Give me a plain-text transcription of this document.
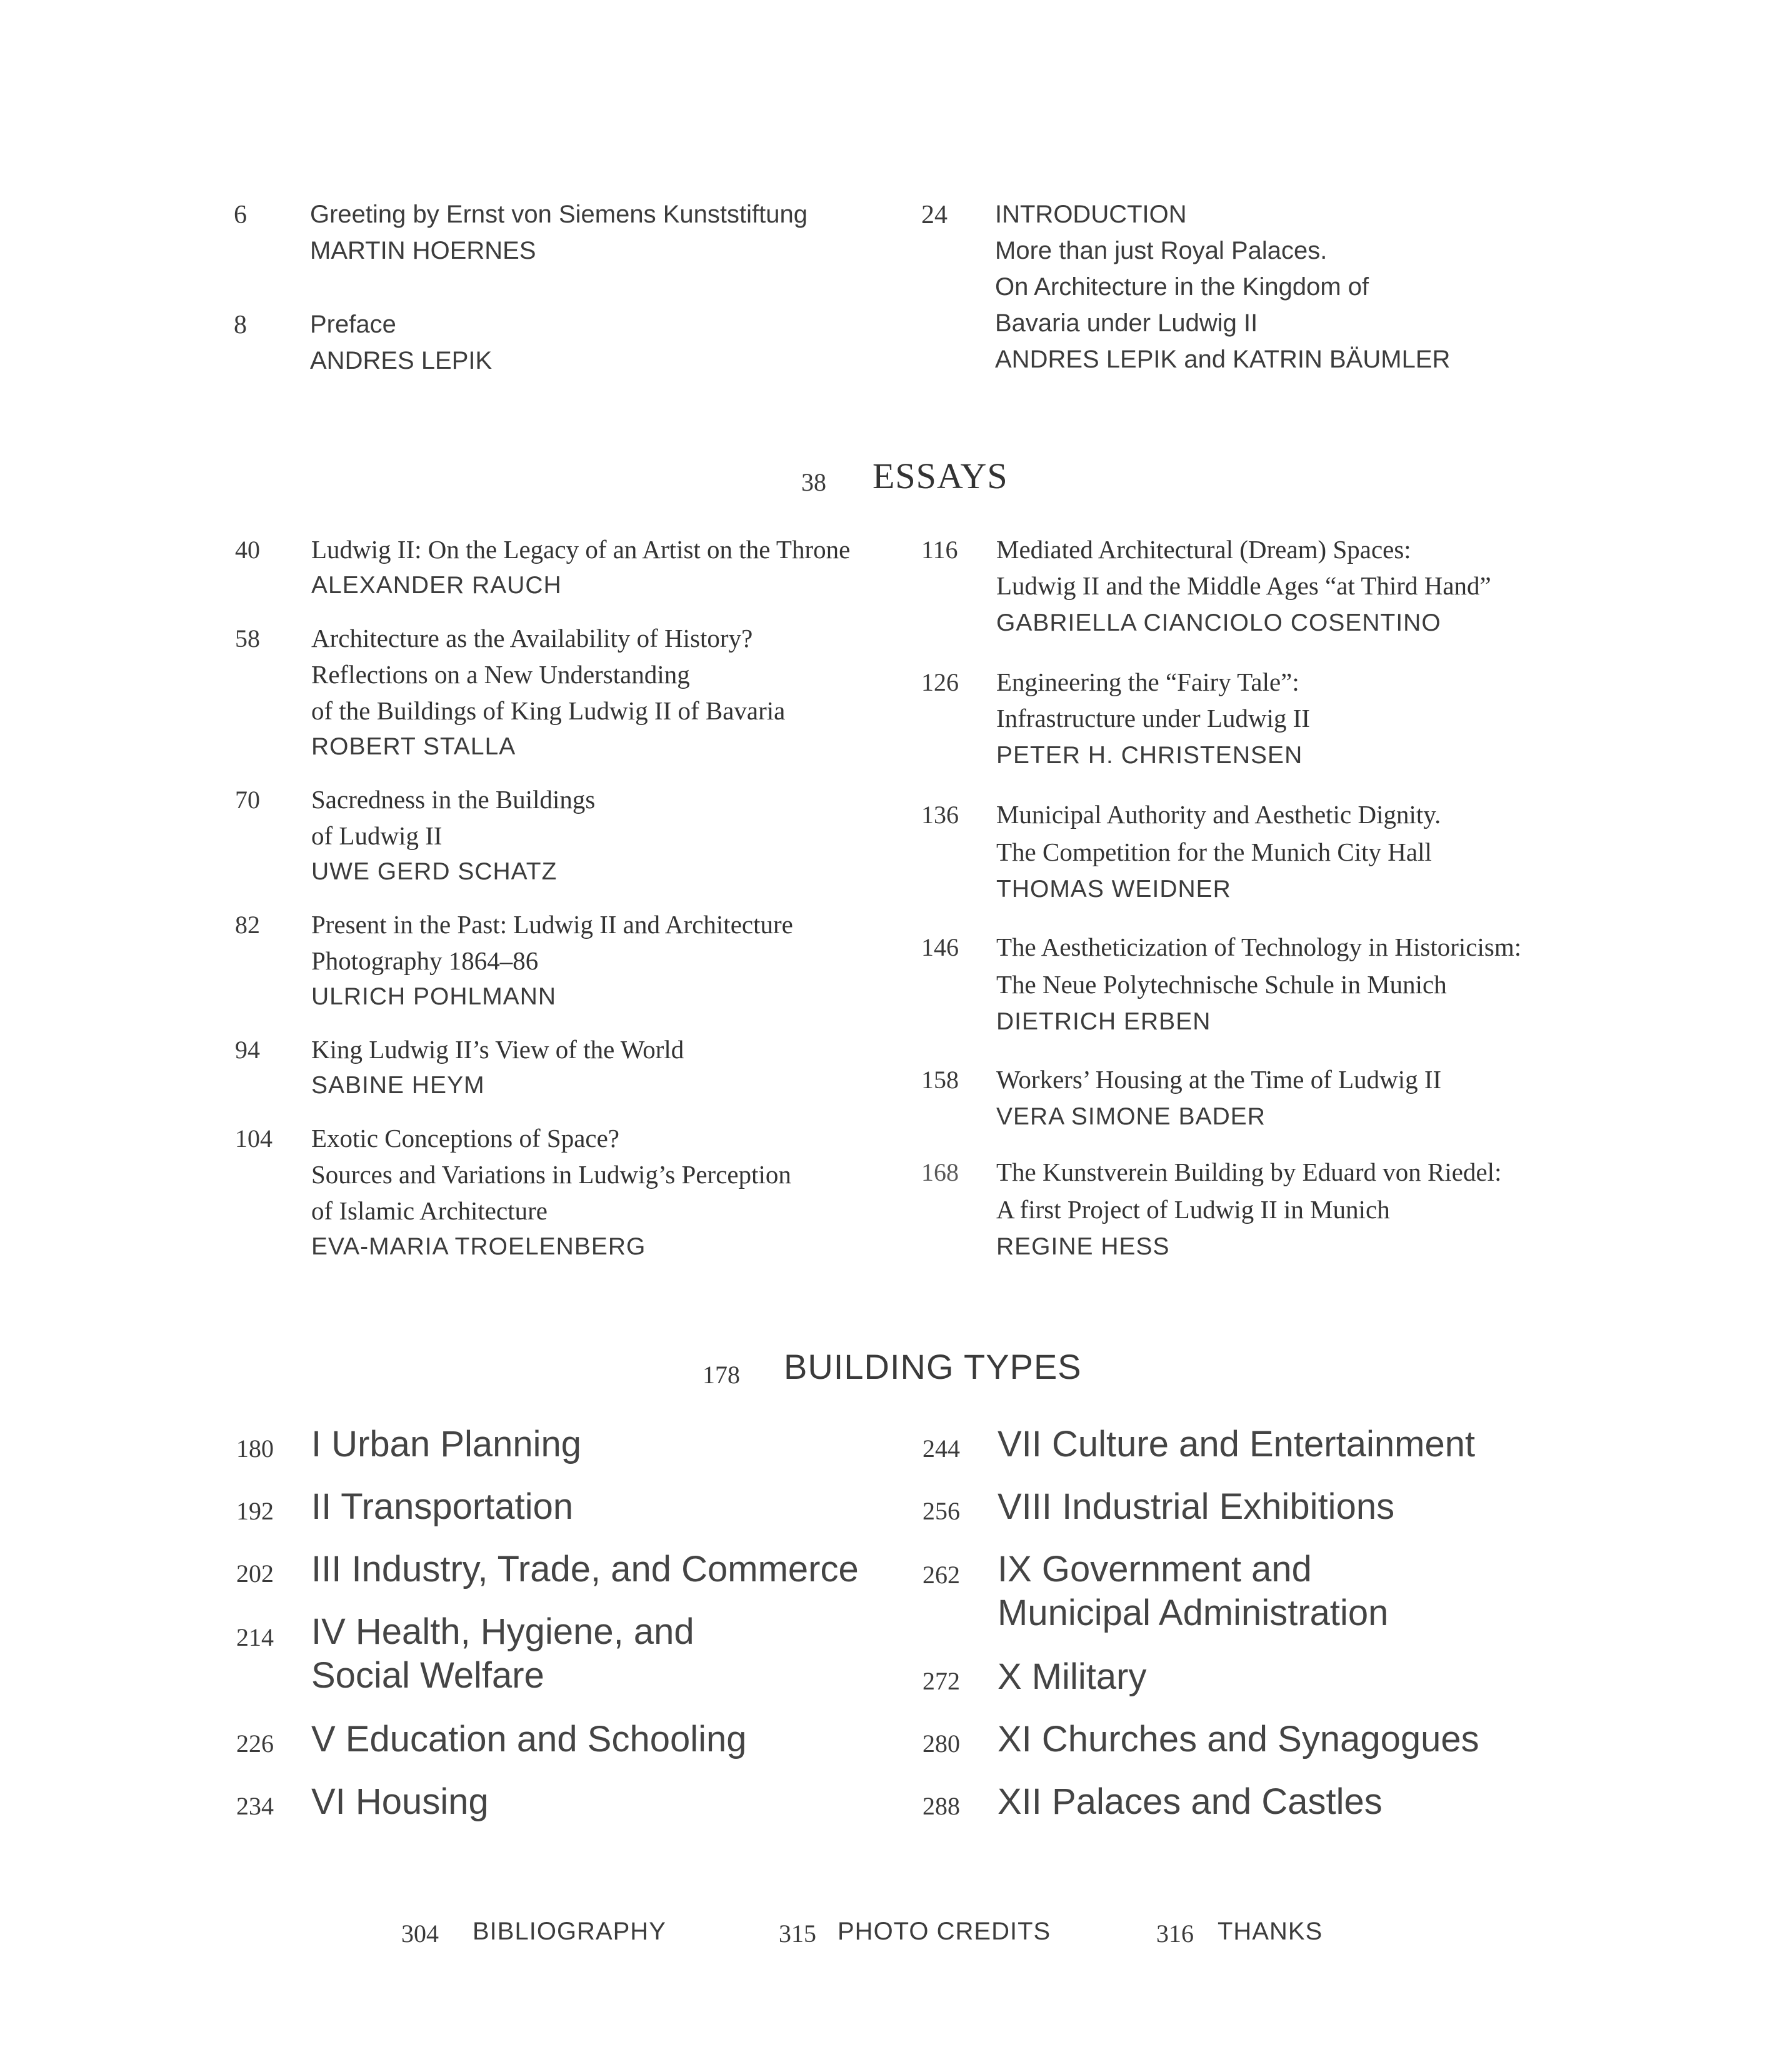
6	Greeting by Ernst von Siemens Kunststiftung
MARTIN HOERNES
8	Preface
ANDRES LEPIK
24 INTRODUCTION
More than just Royal Palaces.
On Architecture in the Kingdom of
Bavaria under Ludwig II
ANDRES LEPIK and KATRIN BÄUMLER
38 ESSAYS
40 Ludwig II: On the Legacy of an Artist on the Throne
ALEXANDER RAUCH
58 Architecture as the Availability of History?
Reflections on a New Understanding
of the Buildings of King Ludwig II of Bavaria
ROBERT STALLA
70 Sacredness in the Buildings
of Ludwig II
UWE GERD SCHATZ
82 Present in the Past: Ludwig II and Architecture
Photography 1864–86
ULRICH POHLMANN
94 King Ludwig II’s View of the World
SABINE HEYM
104 Exotic Conceptions of Space?
Sources and Variations in Ludwig’s Perception
of Islamic Architecture
EVA-MARIA TROELENBERG
116 Mediated Architectural (Dream) Spaces:
Ludwig II and the Middle Ages “at Third Hand”
GABRIELLA CIANCIOLO COSENTINO
126 Engineering the “Fairy Tale”:
Infrastructure under Ludwig II
PETER H. CHRISTENSEN
136 Municipal Authority and Aesthetic Dignity.
The Competition for the Munich City Hall
THOMAS WEIDNER
146 The Aestheticization of Technology in Historicism:
The Neue Polytechnische Schule in Munich
DIETRICH ERBEN
158 Workers’ Housing at the Time of Ludwig II
VERA SIMONE BADER
168 The Kunstverein Building by Eduard von Riedel:
A first Project of Ludwig II in Munich
REGINE HESS
178 BUILDING TYPES
180 I Urban Planning
192 II Transportation
202 III Industry, Trade, and Commerce
214 IV Health, Hygiene, and
Social Welfare
226 V Education and Schooling
234 VI Housing
244 VII Culture and Entertainment
256 VIII Industrial Exhibitions
262 IX Government and
Municipal Administration
272 X Military
280 XI Churches and Synagogues
288 XII Palaces and Castles
304 BIBLIOGRAPHY	315 PHOTO CREDITS	316 THANKS
